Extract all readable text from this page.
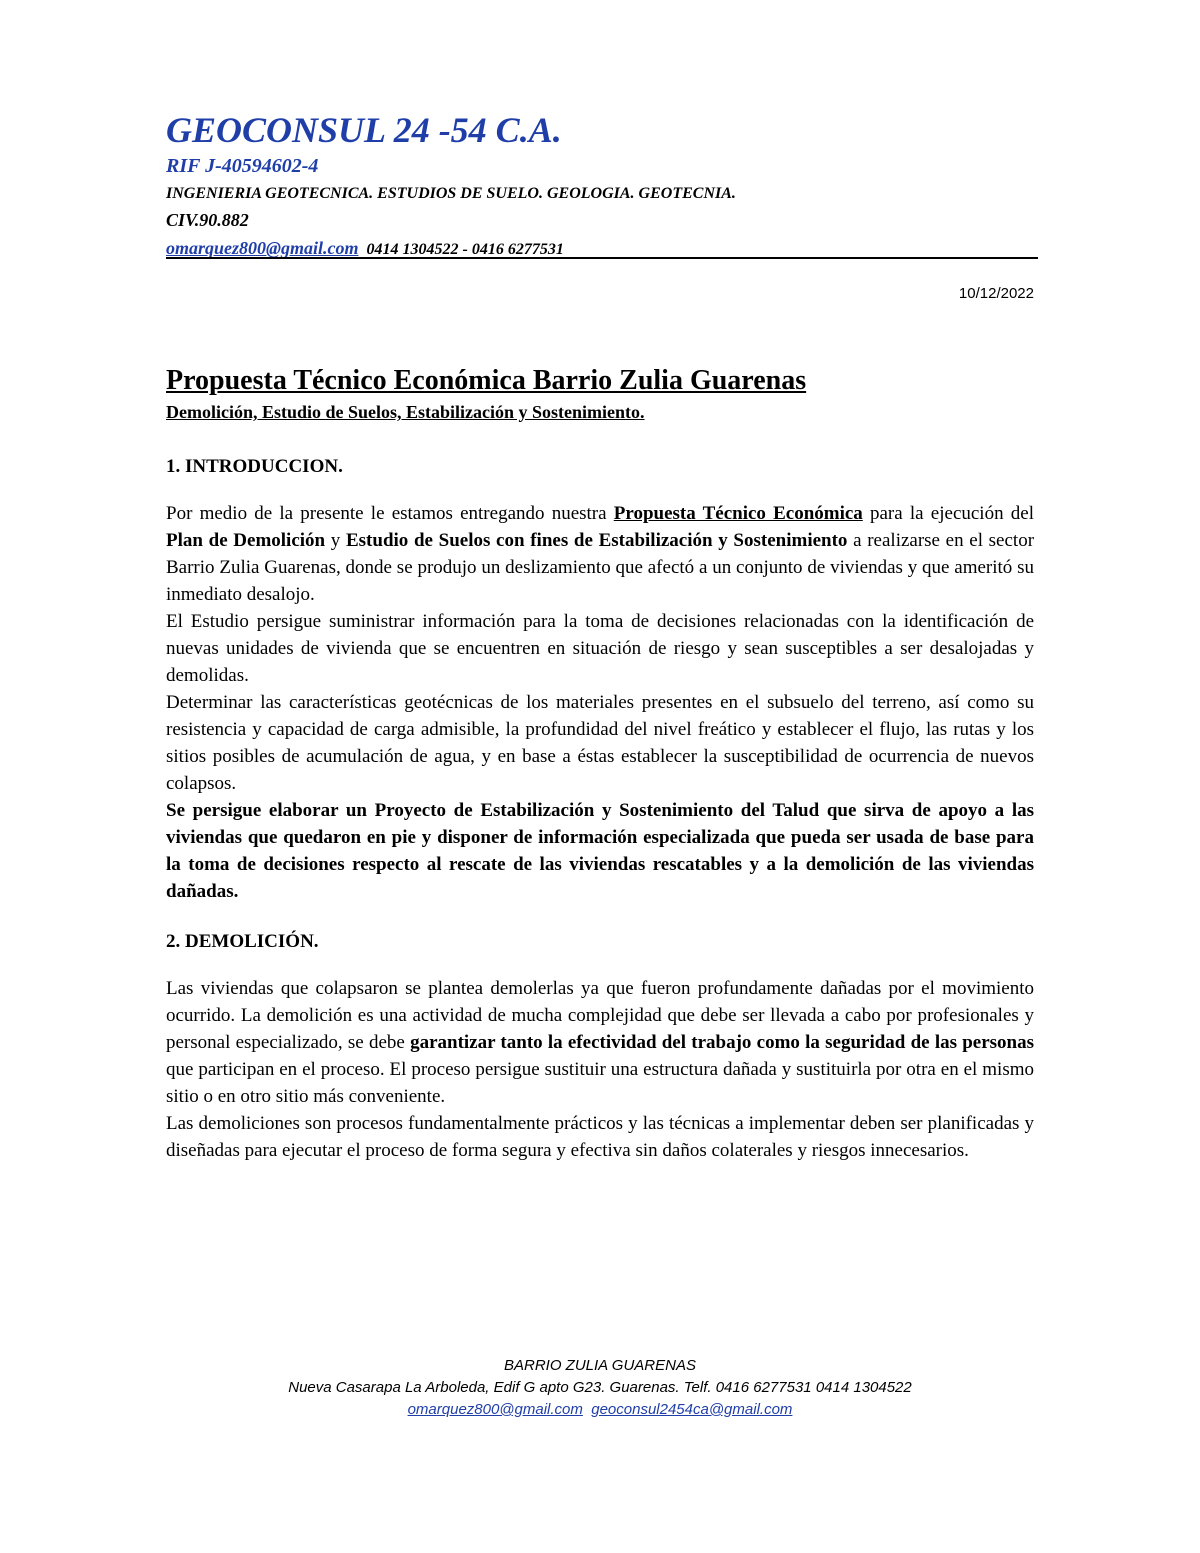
GEOCONSUL 24 -54 C.A.
RIF J-40594602-4
INGENIERIA GEOTECNICA. ESTUDIOS DE SUELO. GEOLOGIA. GEOTECNIA.
CIV.90.882
omarquez800@gmail.com 0414 1304522 - 0416 6277531
10/12/2022
Propuesta Técnico Económica Barrio Zulia Guarenas
Demolición, Estudio de Suelos, Estabilización y Sostenimiento.
1. INTRODUCCION.

Por medio de la presente le estamos entregando nuestra Propuesta Técnico Económica para la ejecución del Plan de Demolición y Estudio de Suelos con fines de Estabilización y Sostenimiento a realizarse en el sector Barrio Zulia Guarenas, donde se produjo un deslizamiento que afectó a un conjunto de viviendas y que ameritó su inmediato desalojo.

El Estudio persigue suministrar información para la toma de decisiones relacionadas con la identificación de nuevas unidades de vivienda que se encuentren en situación de riesgo y sean susceptibles a ser desalojadas y demolidas.

Determinar las características geotécnicas de los materiales presentes en el subsuelo del terreno, así como su resistencia y capacidad de carga admisible, la profundidad del nivel freático y establecer el flujo, las rutas y los sitios posibles de acumulación de agua, y en base a éstas establecer la susceptibilidad de ocurrencia de nuevos colapsos.

Se persigue elaborar un Proyecto de Estabilización y Sostenimiento del Talud que sirva de apoyo a las viviendas que quedaron en pie y disponer de información especializada que pueda ser usada de base para la toma de decisiones respecto al rescate de las viviendas rescatables y a la demolición de las viviendas dañadas.

2. DEMOLICIÓN.

Las viviendas que colapsaron se plantea demolerlas ya que fueron profundamente dañadas por el movimiento ocurrido. La demolición es una actividad de mucha complejidad que debe ser llevada a cabo por profesionales y personal especializado, se debe garantizar tanto la efectividad del trabajo como la seguridad de las personas que participan en el proceso. El proceso persigue sustituir una estructura dañada y sustituirla por otra en el mismo sitio o en otro sitio más conveniente.

Las demoliciones son procesos fundamentalmente prácticos y las técnicas a implementar deben ser planificadas y diseñadas para ejecutar el proceso de forma segura y efectiva sin daños colaterales y riesgos innecesarios.

BARRIO ZULIA GUARENAS
Nueva Casarapa La Arboleda, Edif G apto G23. Guarenas. Telf. 0416 6277531 0414 1304522
omarquez800@gmail.com geoconsul2454ca@gmail.com
